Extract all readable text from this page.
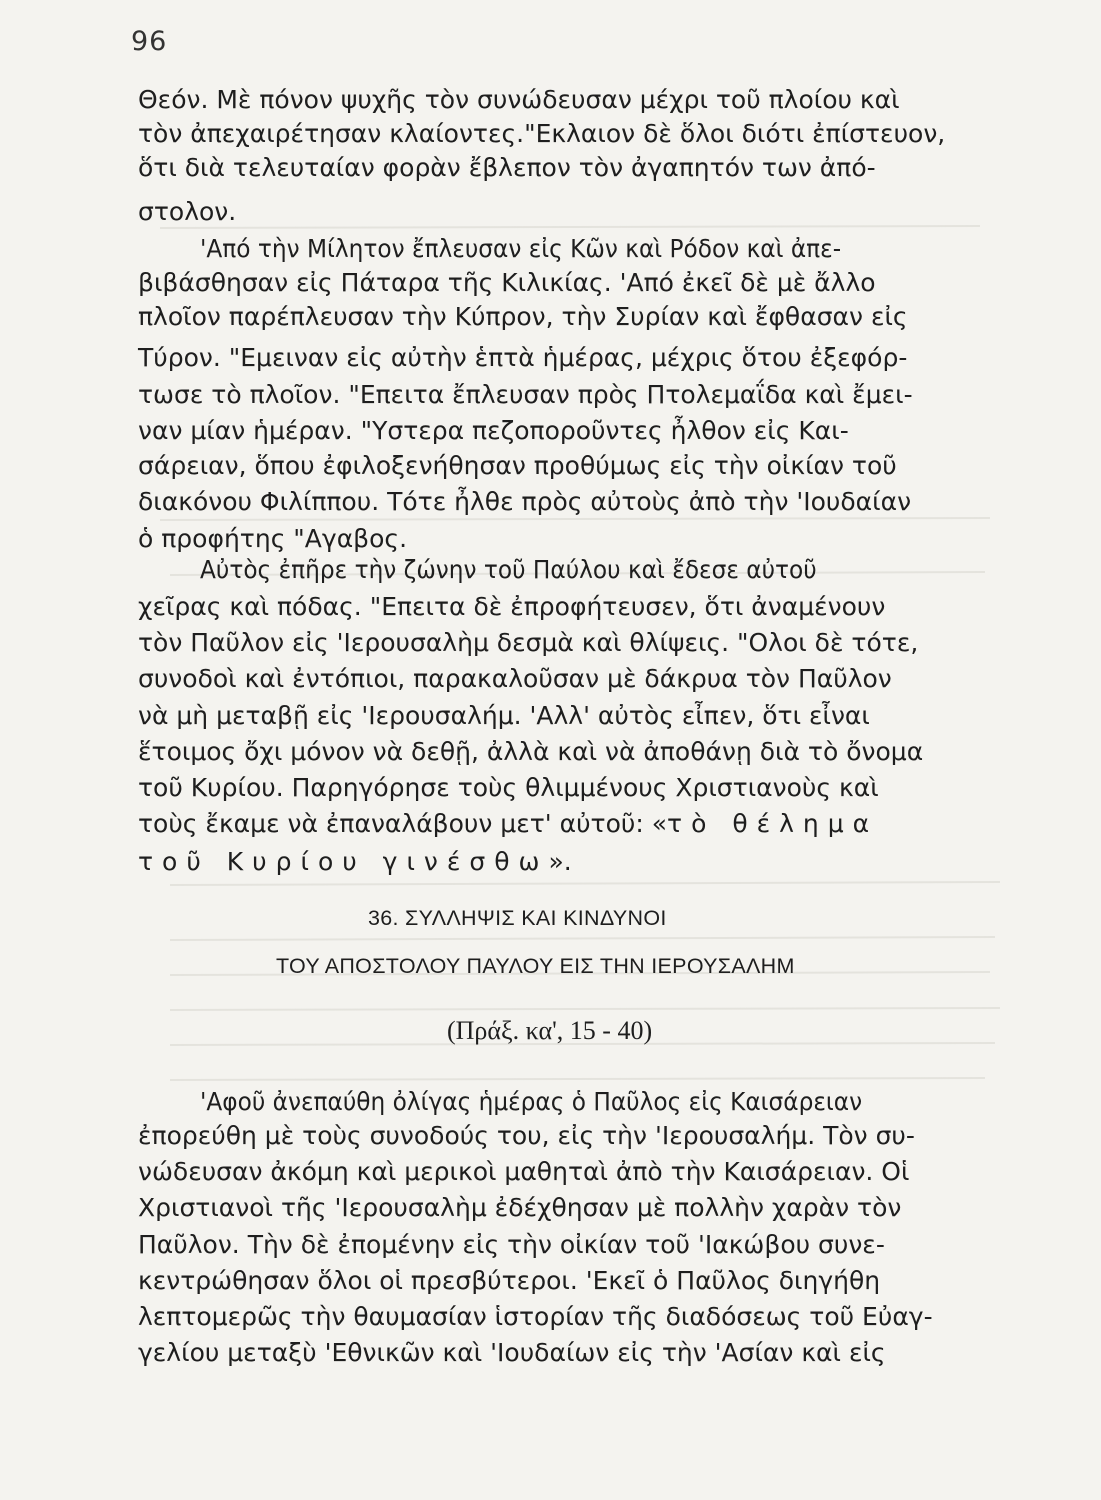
96
Θεόν. Μὲ πόνον ψυχῆς τὸν συνώδευσαν μέχρι τοῦ πλοίου καὶ
τὸν ἀπεχαιρέτησαν κλαίοντες."Εκλαιον δὲ ὅλοι διότι ἐπίστευον,
ὅτι διὰ τελευταίαν φορὰν ἔβλεπον τὸν ἀγαπητόν των ἀπό-
στολον.
'Από τὴν Μίλητον ἔπλευσαν εἰς Κῶν καὶ Ρόδον καὶ ἀπε-
βιβάσθησαν εἰς Πάταρα τῆς Κιλικίας. 'Από ἐκεῖ δὲ μὲ ἄλλο
πλοῖον παρέπλευσαν τὴν Κύπρον, τὴν Συρίαν καὶ ἔφθασαν εἰς
Τύρον. "Εμειναν εἰς αὐτὴν ἑπτὰ ἡμέρας, μέχρις ὅτου ἐξεφόρ-
τωσε τὸ πλοῖον. "Επειτα ἔπλευσαν πρὸς Πτολεμαΐδα καὶ ἔμει-
ναν μίαν ἡμέραν. "Υστερα πεζοποροῦντες ἦλθον εἰς Και-
σάρειαν, ὅπου ἐφιλοξενήθησαν προθύμως εἰς τὴν οἰκίαν τοῦ
διακόνου Φιλίππου. Τότε ἦλθε πρὸς αὐτοὺς ἀπὸ τὴν 'Ιουδαίαν
ὁ προφήτης "Αγαβος.
Αὐτὸς ἐπῆρε τὴν ζώνην τοῦ Παύλου καὶ ἔδεσε αὐτοῦ
χεῖρας καὶ πόδας. "Επειτα δὲ ἐπροφήτευσεν, ὅτι ἀναμένουν
τὸν Παῦλον εἰς 'Ιερουσαλὴμ δεσμὰ καὶ θλίψεις. "Ολοι δὲ τότε,
συνοδοὶ καὶ ἐντόπιοι, παρακαλοῦσαν μὲ δάκρυα τὸν Παῦλον
νὰ μὴ μεταβῇ εἰς 'Ιερουσαλήμ. 'Αλλ' αὐτὸς εἶπεν, ὅτι εἶναι
ἕτοιμος ὄχι μόνον νὰ δεθῇ, ἀλλὰ καὶ νὰ ἀποθάνῃ διὰ τὸ ὄνομα
τοῦ Κυρίου. Παρηγόρησε τοὺς θλιμμένους Χριστιανοὺς καὶ
τοὺς ἔκαμε νὰ ἐπαναλάβουν μετ' αὐτοῦ: «τὸ θέλημα
τοῦ Κυρίου γινέσθω».
36. ΣΥΛΛΗΨΙΣ ΚΑΙ ΚΙΝΔΥΝΟΙ
ΤΟΥ ΑΠΟΣΤΟΛΟΥ ΠΑΥΛΟΥ ΕΙΣ ΤΗΝ ΙΕΡΟΥΣΑΛΗΜ
(Πράξ. κα', 15 - 40)
'Αφοῦ ἀνεπαύθη ὀλίγας ἡμέρας ὁ Παῦλος εἰς Καισάρειαν
ἐπορεύθη μὲ τοὺς συνοδούς του, εἰς τὴν 'Ιερουσαλήμ. Τὸν συ-
νώδευσαν ἀκόμη καὶ μερικοὶ μαθηταὶ ἀπὸ τὴν Καισάρειαν. Οἱ
Χριστιανοὶ τῆς 'Ιερουσαλὴμ ἐδέχθησαν μὲ πολλὴν χαρὰν τὸν
Παῦλον. Τὴν δὲ ἐπομένην εἰς τὴν οἰκίαν τοῦ 'Ιακώβου συνε-
κεντρώθησαν ὅλοι οἱ πρεσβύτεροι. 'Εκεῖ ὁ Παῦλος διηγήθη
λεπτομερῶς τὴν θαυμασίαν ἱστορίαν τῆς διαδόσεως τοῦ Εὐαγ-
γελίου μεταξὺ 'Εθνικῶν καὶ 'Ιουδαίων εἰς τὴν 'Ασίαν καὶ εἰς
